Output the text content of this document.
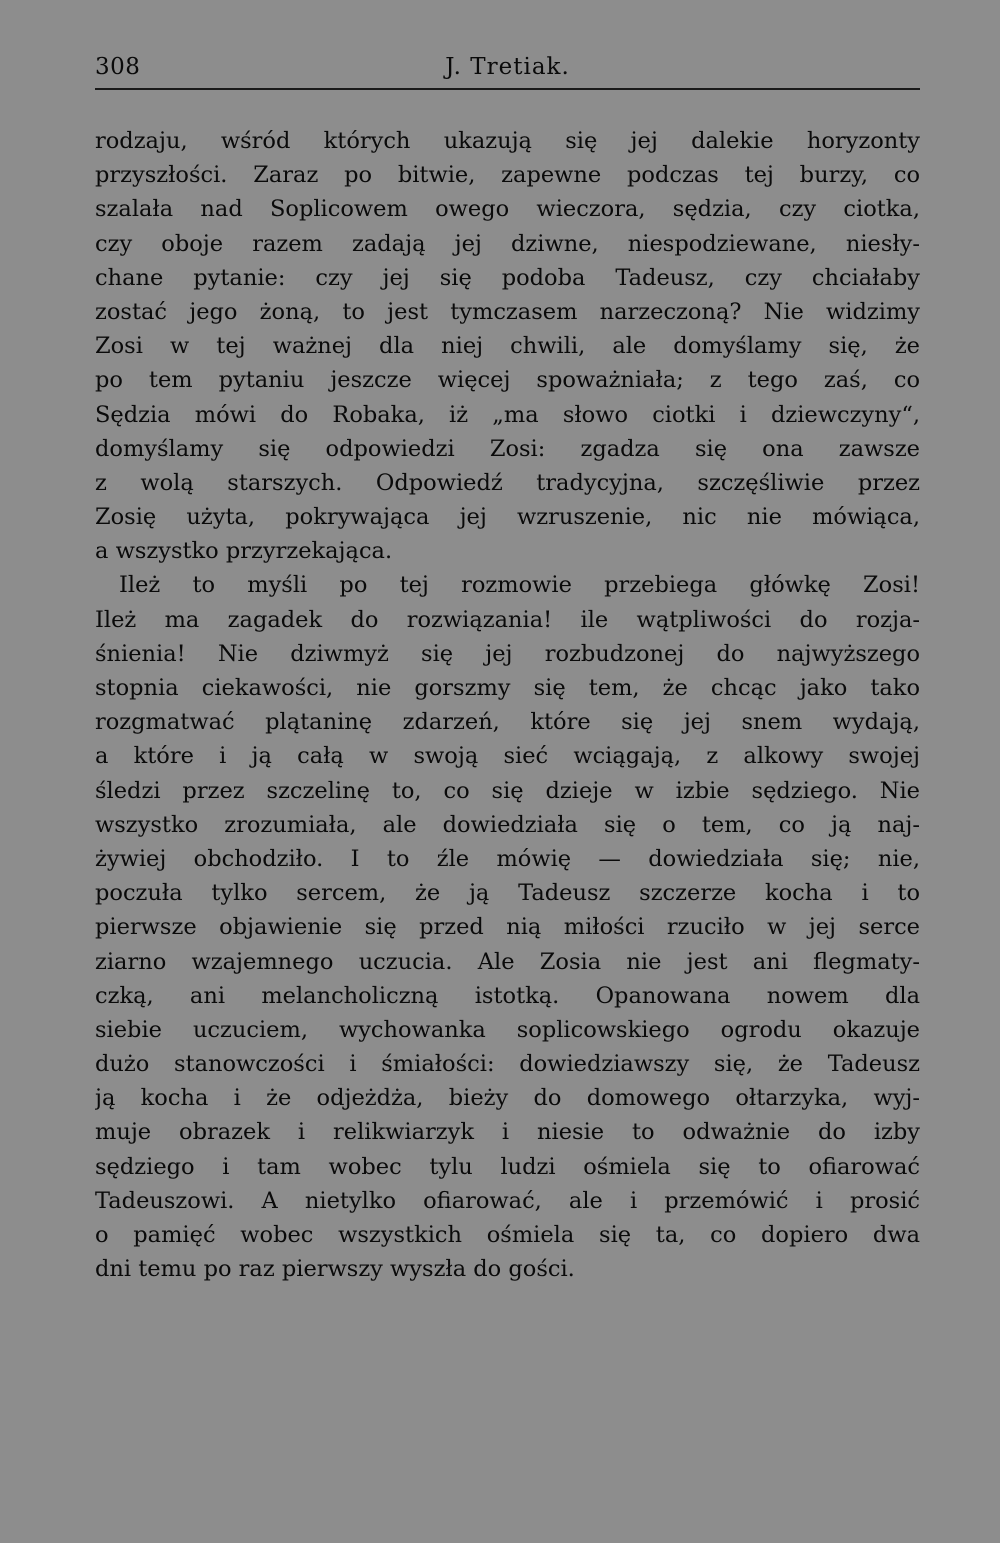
308	J. Tretiak.
rodzaju, wśród których ukazują się jej dalekie horyzonty
przyszłości. Zaraz po bitwie, zapewne podczas tej burzy, co
szalała nad Soplicowem owego wieczora, sędzia, czy ciotka,
czy oboje razem zadają jej dziwne, niespodziewane, niesły-
chane pytanie: czy jej się podoba Tadeusz, czy chciałaby
zostać jego żoną, to jest tymczasem narzeczoną? Nie widzimy
Zosi w tej ważnej dla niej chwili, ale domyślamy się, że
po tem pytaniu jeszcze więcej spoważniała; z tego zaś, co
Sędzia mówi do Robaka, iż „ma słowo ciotki i dziewczyny“,
domyślamy się odpowiedzi Zosi: zgadza się ona zawsze
z wolą starszych. Odpowiedź tradycyjna, szczęśliwie przez
Zosię użyta, pokrywająca jej wzruszenie, nic nie mówiąca,
a wszystko przyrzekająca.
Ileż to myśli po tej rozmowie przebiega główkę Zosi!
Ileż ma zagadek do rozwiązania! ile wątpliwości do rozja-
śnienia! Nie dziwmyż się jej rozbudzonej do najwyższego
stopnia ciekawości, nie gorszmy się tem, że chcąc jako tako
rozgmatwać plątaninę zdarzeń, które się jej snem wydają,
a które i ją całą w swoją sieć wciągają, z alkowy swojej
śledzi przez szczelinę to, co się dzieje w izbie sędziego. Nie
wszystko zrozumiała, ale dowiedziała się o tem, co ją naj-
żywiej obchodziło. I to źle mówię — dowiedziała się; nie,
poczuła tylko sercem, że ją Tadeusz szczerze kocha i to
pierwsze objawienie się przed nią miłości rzuciło w jej serce
ziarno wzajemnego uczucia. Ale Zosia nie jest ani flegmaty-
czką, ani melancholiczną istotką. Opanowana nowem dla
siebie uczuciem, wychowanka soplicowskiego ogrodu okazuje
dużo stanowczości i śmiałości: dowiedziawszy się, że Tadeusz
ją kocha i że odjeżdża, bieży do domowego ołtarzyka, wyj-
muje obrazek i relikwiarzyk i niesie to odważnie do izby
sędziego i tam wobec tylu ludzi ośmiela się to ofiarować
Tadeuszowi. A nietylko ofiarować, ale i przemówić i prosić
o pamięć wobec wszystkich ośmiela się ta, co dopiero dwa
dni temu po raz pierwszy wyszła do gości.
